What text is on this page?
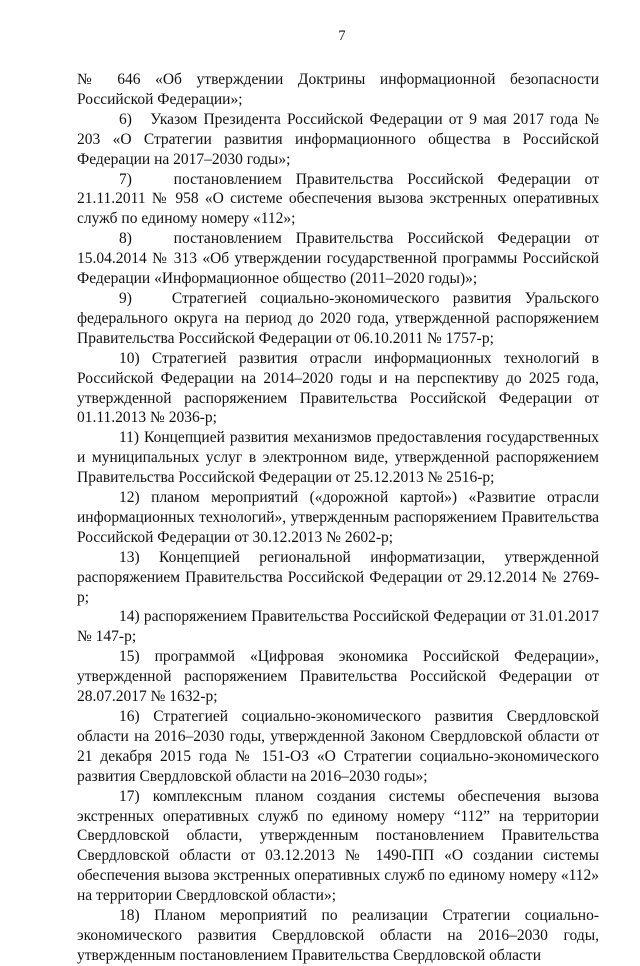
7

№ 646 «Об утверждении Доктрины информационной безопасности Российской Федерации»;

6)   Указом Президента Российской Федерации от 9 мая 2017 года № 203 «О Стратегии развития информационного общества в Российской Федерации на 2017–2030 годы»;

7)   постановлением Правительства Российской Федерации от 21.11.2011 № 958 «О системе обеспечения вызова экстренных оперативных служб по единому номеру «112»;

8)   постановлением Правительства Российской Федерации от 15.04.2014 № 313 «Об утверждении государственной программы Российской Федерации «Информационное общество (2011–2020 годы)»;

9)   Стратегией социально-экономического развития Уральского федерального округа на период до 2020 года, утвержденной распоряжением Правительства Российской Федерации от 06.10.2011 № 1757-р;

10) Стратегией развития отрасли информационных технологий в Российской Федерации на 2014–2020 годы и на перспективу до 2025 года, утвержденной распоряжением Правительства Российской Федерации от 01.11.2013 № 2036-р;

11) Концепцией развития механизмов предоставления государственных и муниципальных услуг в электронном виде, утвержденной распоряжением Правительства Российской Федерации от 25.12.2013 № 2516-р;

12) планом мероприятий («дорожной картой») «Развитие отрасли информационных технологий», утвержденным распоряжением Правительства Российской Федерации от 30.12.2013 № 2602-р;

13) Концепцией региональной информатизации, утвержденной распоряжением Правительства Российской Федерации от 29.12.2014 № 2769-р;

14) распоряжением Правительства Российской Федерации от 31.01.2017 № 147-р;

15) программой «Цифровая экономика Российской Федерации», утвержденной распоряжением Правительства Российской Федерации от 28.07.2017 № 1632-р;

16) Стратегией социально-экономического развития Свердловской области на 2016–2030 годы, утвержденной Законом Свердловской области от 21 декабря 2015 года № 151-ОЗ «О Стратегии социально-экономического развития Свердловской области на 2016–2030 годы»;

17) комплексным планом создания системы обеспечения вызова экстренных оперативных служб по единому номеру “112” на территории Свердловской области, утвержденным постановлением Правительства Свердловской области от 03.12.2013 № 1490-ПП «О создании системы обеспечения вызова экстренных оперативных служб по единому номеру «112» на территории Свердловской области»;

18) Планом мероприятий по реализации Стратегии социально-экономического развития Свердловской области на 2016–2030 годы, утвержденным постановлением Правительства Свердловской области
